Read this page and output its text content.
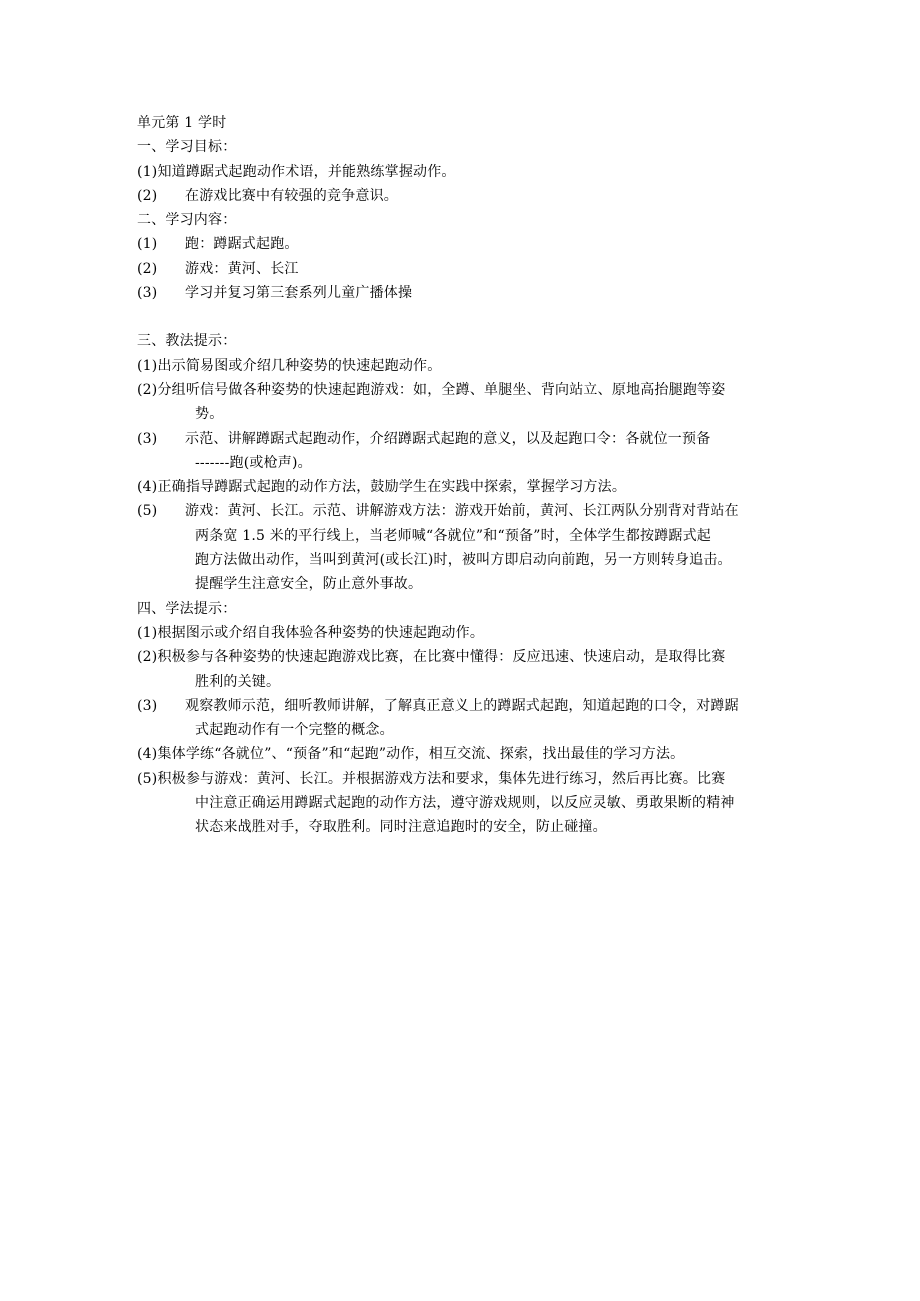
单元第 1 学时
一、学习目标：
(1) 知道蹲踞式起跑动作术语，并能熟练掌握动作。
(2)	在游戏比赛中有较强的竞争意识。
二、学习内容：
(1)	跑：蹲踞式起跑。
(2)	游戏：黄河、长江
(3)	学习并复习第三套系列儿童广播体操
三、教法提示：
(1) 出示简易图或介绍几种姿势的快速起跑动作。
(2) 分组听信号做各种姿势的快速起跑游戏：如，全蹲、单腿坐、背向站立、原地高抬腿跑等姿
势。
(3)	示范、讲解蹲踞式起跑动作，介绍蹲踞式起跑的意义，以及起跑口令：各就位一预备
-------跑(或枪声)。
(4) 正确指导蹲踞式起跑的动作方法，鼓励学生在实践中探索，掌握学习方法。
(5)	游戏：黄河、长江。示范、讲解游戏方法：游戏开始前，黄河、长江两队分别背对背站在
两条宽 1.5 米的平行线上，当老师喊“各就位”和“预备”时，全体学生都按蹲踞式起
跑方法做出动作，当叫到黄河(或长江)时，被叫方即启动向前跑，另一方则转身追击。
提醒学生注意安全，防止意外事故。
四、学法提示：
(1) 根据图示或介绍自我体验各种姿势的快速起跑动作。
(2) 积极参与各种姿势的快速起跑游戏比赛，在比赛中懂得：反应迅速、快速启动，是取得比赛
胜利的关键。
(3)	观察教师示范，细听教师讲解，了解真正意义上的蹲踞式起跑，知道起跑的口令，对蹲踞
式起跑动作有一个完整的概念。
(4) 集体学练“各就位”、“预备”和“起跑”动作，相互交流、探索，找出最佳的学习方法。
(5) 积极参与游戏：黄河、长江。并根据游戏方法和要求，集体先进行练习，然后再比赛。比赛
中注意正确运用蹲踞式起跑的动作方法，遵守游戏规则，以反应灵敏、勇敢果断的精神
状态来战胜对手，夺取胜利。同时注意追跑时的安全，防止碰撞。
